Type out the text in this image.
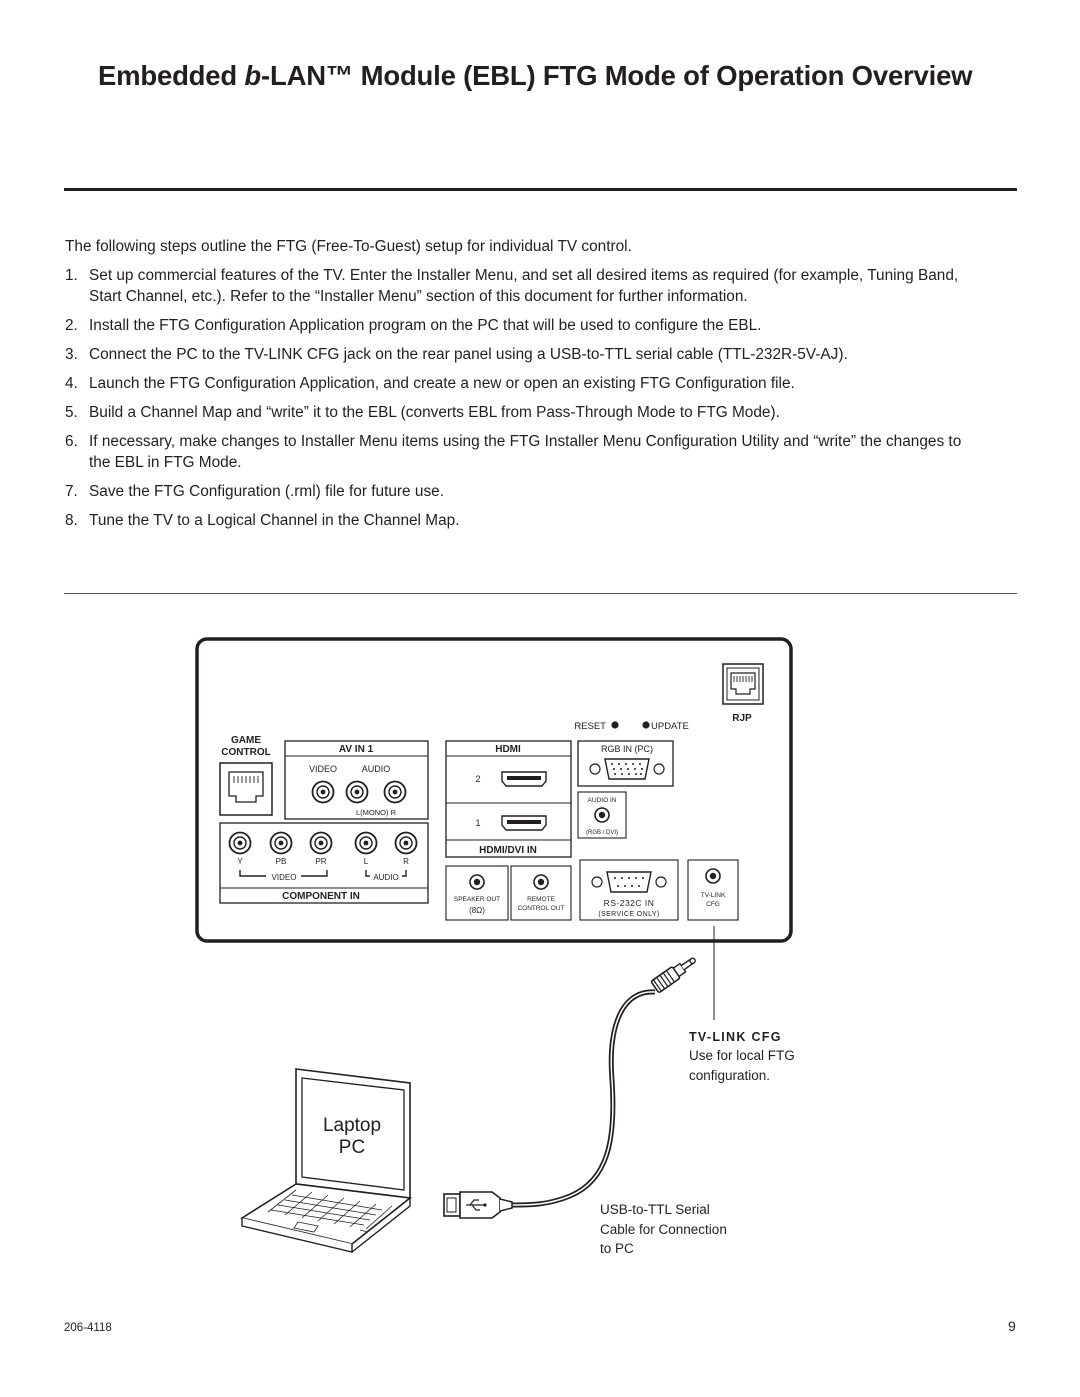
Embedded b-LAN™ Module (EBL) FTG Mode of Operation Overview

The following steps outline the FTG (Free-To-Guest) setup for individual TV control.

1. Set up commercial features of the TV. Enter the Installer Menu, and set all desired items as required (for example, Tuning Band, Start Channel, etc.). Refer to the “Installer Menu” section of this document for further information.
2. Install the FTG Configuration Application program on the PC that will be used to configure the EBL.
3. Connect the PC to the TV-LINK CFG jack on the rear panel using a USB-to-TTL serial cable (TTL-232R-5V-AJ).
4. Launch the FTG Configuration Application, and create a new or open an existing FTG Configuration file.
5. Build a Channel Map and “write” it to the EBL (converts EBL from Pass-Through Mode to FTG Mode).
6. If necessary, make changes to Installer Menu items using the FTG Installer Menu Configuration Utility and “write” the changes to the EBL in FTG Mode.
7. Save the FTG Configuration (.rml) file for future use.
8. Tune the TV to a Logical Channel in the Channel Map.
RJP
RESET	UPDATE
GAME
CONTROL	AV IN 1
VIDEO	AUDIO
L(MONO) R
Y	PB	PR	L	R
VIDEO	AUDIO
COMPONENT IN
HDMI
2
1
HDMI/DVI IN
RGB IN (PC)
AUDIO IN
(RGB / DVI)
SPEAKER OUT
(8Ω)
REMOTE
CONTROL OUT
RS-232C IN
(SERVICE ONLY)
TV-LINK
CFG
Laptop
PC
TV-LINK CFG
Use for local FTG
configuration.
USB-to-TTL Serial
Cable for Connection
to PC
206-4118	9
